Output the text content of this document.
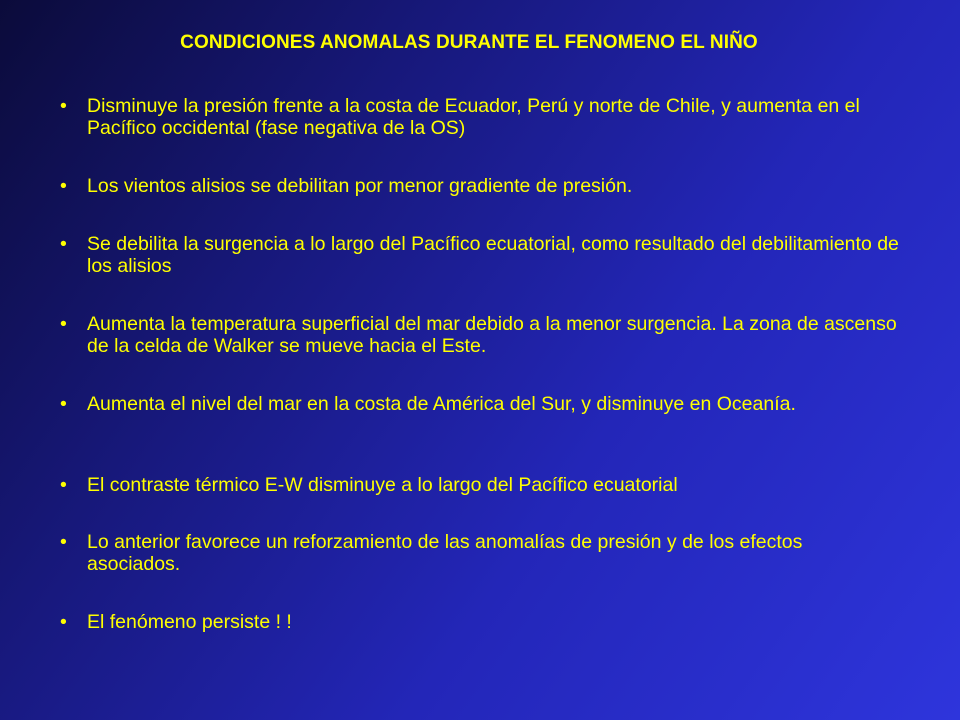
CONDICIONES ANOMALAS DURANTE EL FENOMENO EL NIÑO
• Disminuye la presión frente a la costa de Ecuador, Perú y norte de Chile, y aumenta en el Pacífico occidental (fase negativa de la OS)
• Los vientos alisios se debilitan por menor gradiente de presión.
• Se debilita la surgencia a lo largo del Pacífico ecuatorial, como resultado del debilitamiento de los alisios
• Aumenta la temperatura superficial del mar debido a la menor surgencia. La zona de ascenso de la celda de Walker se mueve hacia el Este.
• Aumenta el nivel del mar en la costa de América del Sur, y disminuye en Oceanía.
• El contraste térmico E-W disminuye a lo largo del Pacífico ecuatorial
• Lo anterior favorece un reforzamiento de las anomalías de presión y de los efectos asociados.
• El fenómeno persiste ! !
